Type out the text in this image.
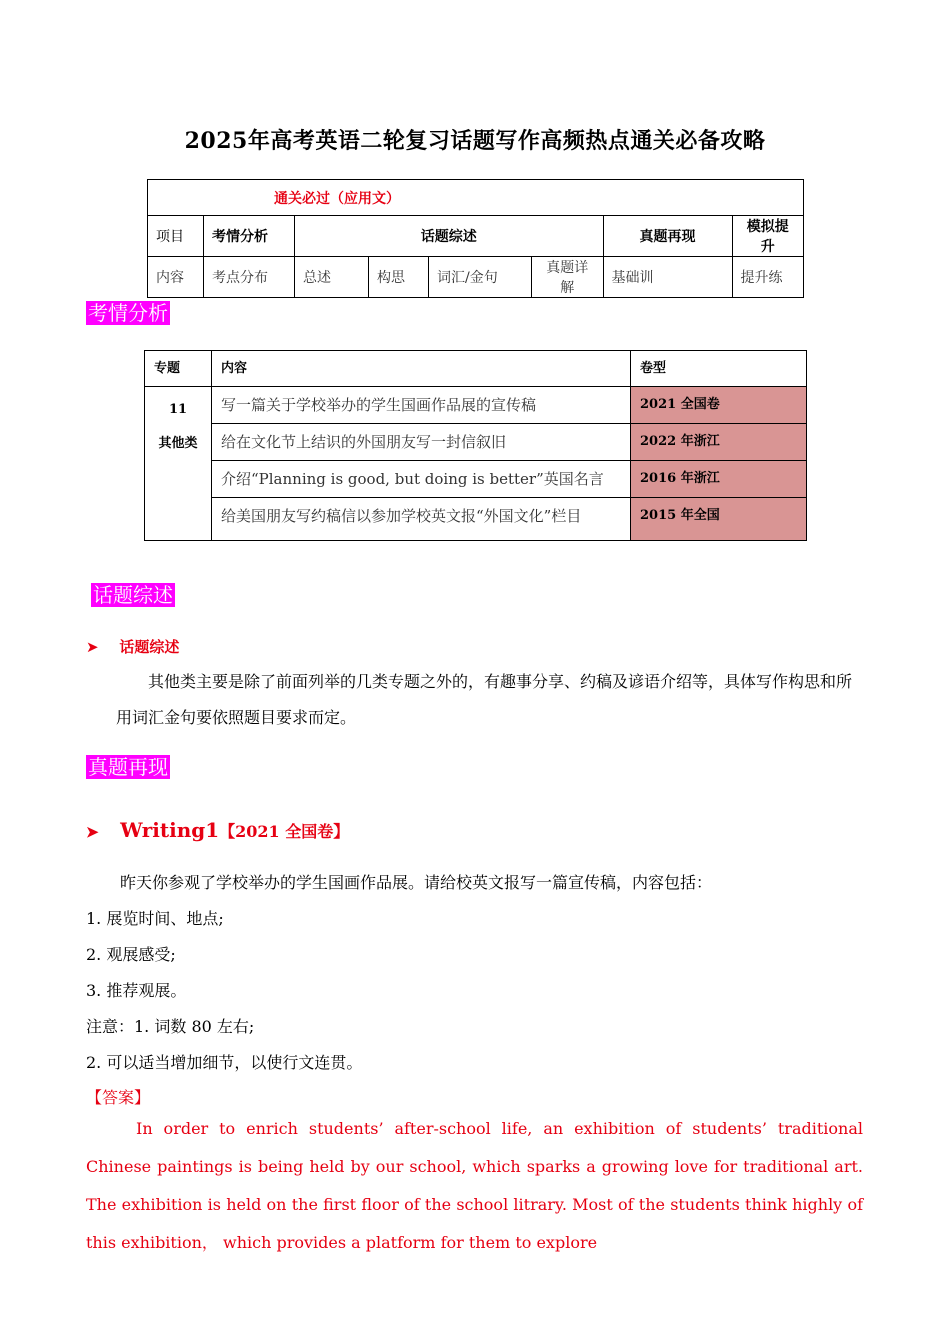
2025年高考英语二轮复习话题写作高频热点通关必备攻略
通关必过（应用文）							
项目	考情分析	话题综述				真题再现	模拟提升
内容	考点分布	总述	构思	词汇/金句	真题详解	基础训	提升练
考情分析
专题	内容	卷型

11
其他类	写一篇关于学校举办的学生国画作品展的宣传稿	2021 全国卷
	给在文化节上结识的外国朋友写一封信叙旧	2022 年浙江
	介绍“Planning is good, but doing is better”英国名言	2016 年浙江
	给美国朋友写约稿信以参加学校英文报“外国文化”栏目	2015 年全国
话题综述
➤ 话题综述
其他类主要是除了前面列举的几类专题之外的，有趣事分享、约稿及谚语介绍等，具体写作构思和所用词汇金句要依照题目要求而定。
真题再现
➤ Writing1【2021 全国卷】
昨天你参观了学校举办的学生国画作品展。请给校英文报写一篇宣传稿，内容包括：
1. 展览时间、地点;
2. 观展感受;
3. 推荐观展。
注意：1. 词数 80 左右;
2. 可以适当增加细节，以使行文连贯。
【答案】
In order to enrich students’ after-school life, an exhibition of students’ traditional Chinese paintings is being held by our school, which sparks a growing love for traditional art. The exhibition is held on the first floor of the school litrary. Most of the students think highly of this exhibition， which provides a platform for them to explore
